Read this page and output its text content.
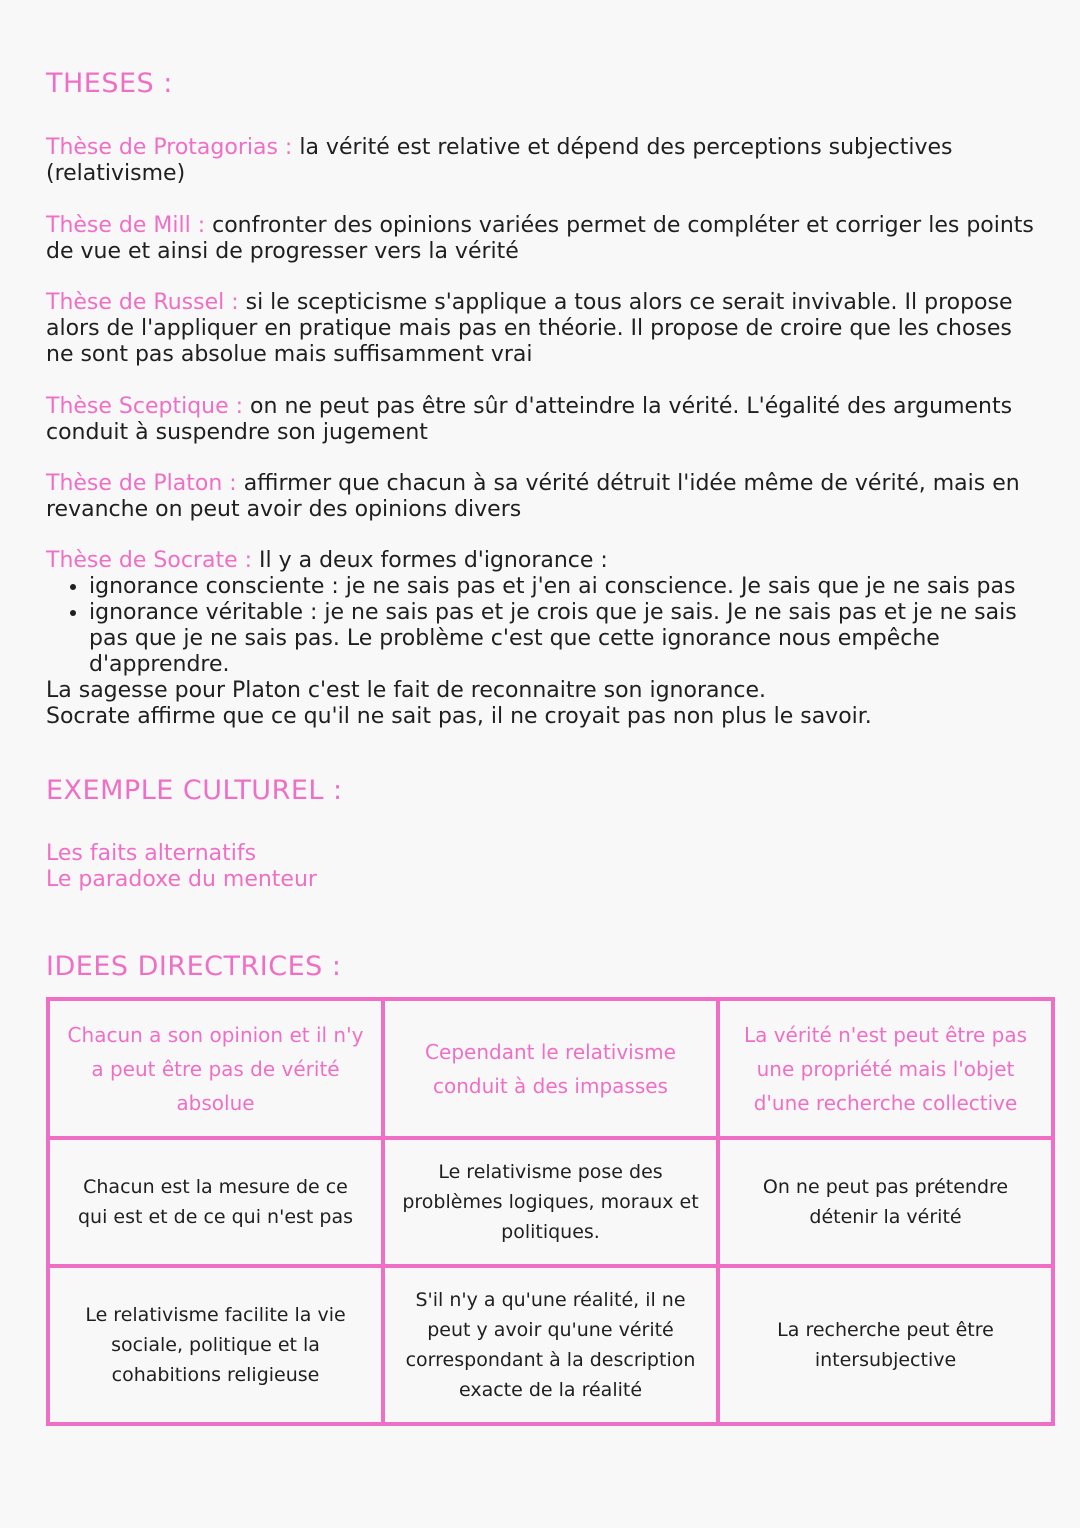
THESES :

Thèse de Protagorias : la vérité est relative et dépend des perceptions subjectives (relativisme)

Thèse de Mill : confronter des opinions variées permet de compléter et corriger les points de vue et ainsi de progresser vers la vérité

Thèse de Russel : si le scepticisme s'applique a tous alors ce serait invivable. Il propose alors de l'appliquer en pratique mais pas en théorie. Il propose de croire que les choses ne sont pas absolue mais suffisamment vrai

Thèse Sceptique : on ne peut pas être sûr d'atteindre la vérité. L'égalité des arguments conduit à suspendre son jugement

Thèse de Platon : affirmer que chacun à sa vérité détruit l'idée même de vérité, mais en revanche on peut avoir des opinions divers

Thèse de Socrate : Il y a deux formes d'ignorance :
• ignorance consciente : je ne sais pas et j'en ai conscience. Je sais que je ne sais pas
• ignorance véritable : je ne sais pas et je crois que je sais. Je ne sais pas et je ne sais pas que je ne sais pas. Le problème c'est que cette ignorance nous empêche d'apprendre.
La sagesse pour Platon c'est le fait de reconnaitre son ignorance.
Socrate affirme que ce qu'il ne sait pas, il ne croyait pas non plus le savoir.
EXEMPLE CULTUREL :
Les faits alternatifs
Le paradoxe du menteur
IDEES DIRECTRICES :
Chacun a son opinion et il n'y a peut être pas de vérité absolue	Cependant le relativisme conduit à des impasses	La vérité n'est peut être pas une propriété mais l'objet d'une recherche collective
Chacun est la mesure de ce qui est et de ce qui n'est pas	Le relativisme pose des problèmes logiques, moraux et politiques.	On ne peut pas prétendre détenir la vérité
Le relativisme facilite la vie sociale, politique et la cohabitions religieuse	S'il n'y a qu'une réalité, il ne peut y avoir qu'une vérité correspondant à la description exacte de la réalité	La recherche peut être intersubjective
